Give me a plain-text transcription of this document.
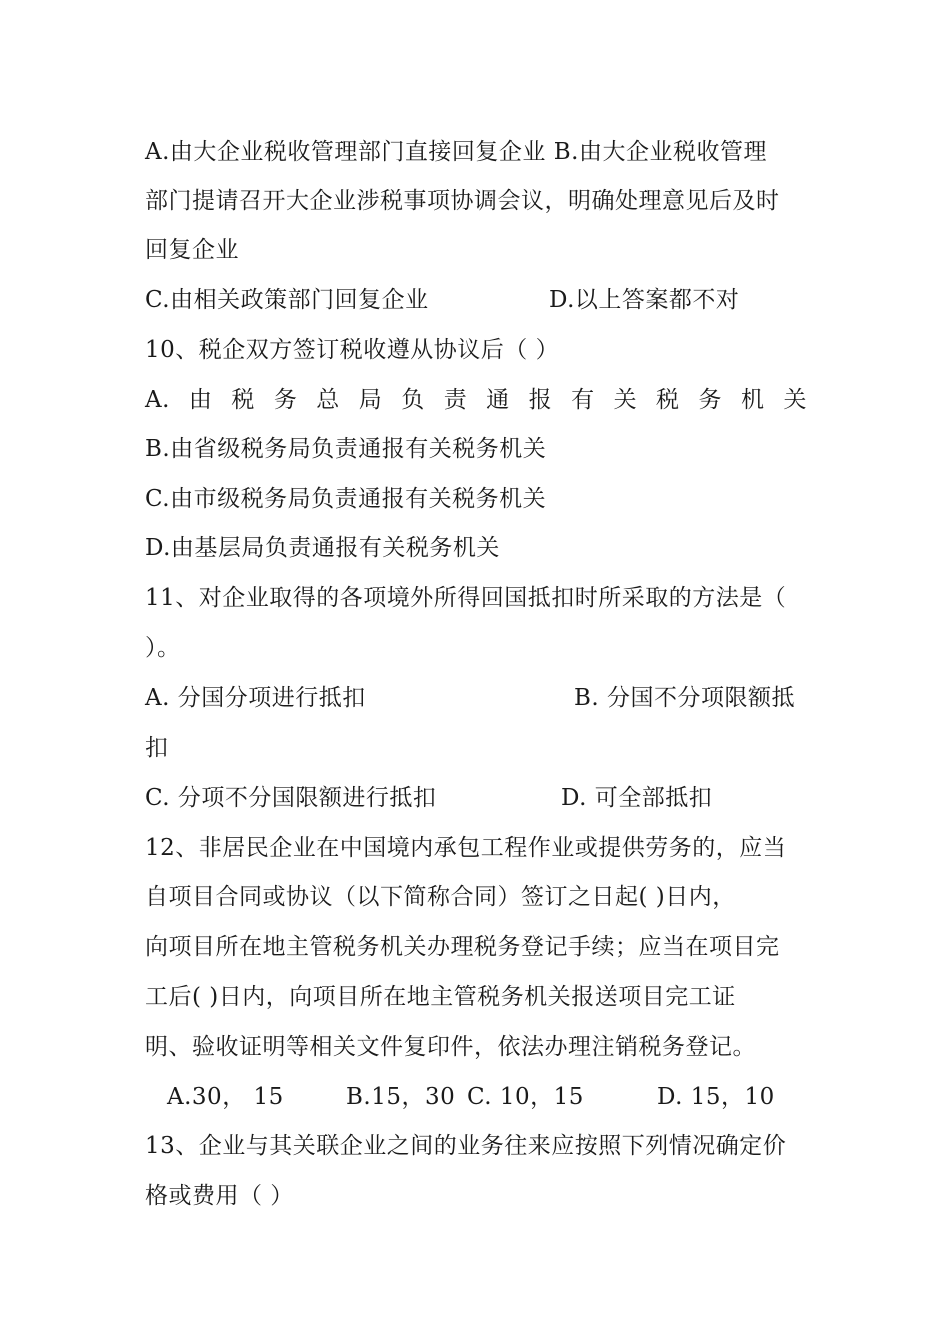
A.由大企业税收管理部门直接回复企业 B.由大企业税收管理
部门提请召开大企业涉税事项协调会议，明确处理意见后及时
回复企业
C.由相关政策部门回复企业	D.以上答案都不对
10、税企双方签订税收遵从协议后（ ）
A. 由 税 务 总 局 负 责 通 报 有 关 税 务 机 关
B.由省级税务局负责通报有关税务机关
C.由市级税务局负责通报有关税务机关
D.由基层局负责通报有关税务机关
11、对企业取得的各项境外所得回国抵扣时所采取的方法是（
）。
A. 分国分项进行抵扣	B. 分国不分项限额抵
扣
C. 分项不分国限额进行抵扣	D. 可全部抵扣
12、非居民企业在中国境内承包工程作业或提供劳务的，应当
自项目合同或协议（以下简称合同）签订之日起( )日内，
向项目所在地主管税务机关办理税务登记手续；应当在项目完
工后( )日内，向项目所在地主管税务机关报送项目完工证
明、验收证明等相关文件复印件，依法办理注销税务登记。
A.30， 15	B.15，30 C. 10，15	D. 15，10
13、企业与其关联企业之间的业务往来应按照下列情况确定价
格或费用（ ）
